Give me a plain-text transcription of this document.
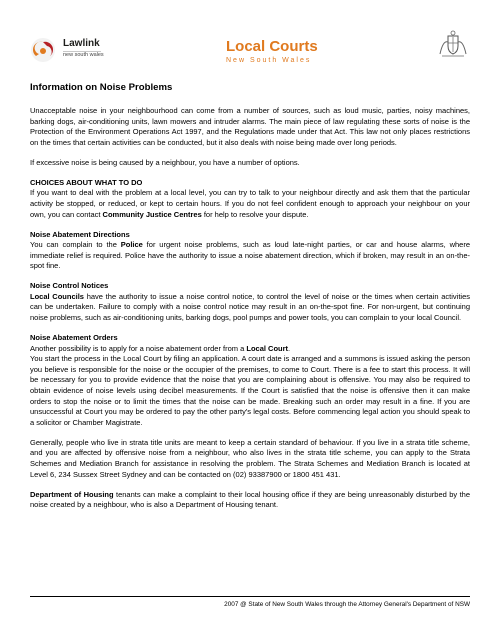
Lawlink
new south wales	Local Courts
New South Wales
Information on Noise Problems

Unacceptable noise in your neighbourhood can come from a number of sources, such as loud music, parties, noisy machines, barking dogs, air-conditioning units, lawn mowers and intruder alarms. The main piece of law regulating these sorts of noise is the Protection of the Environment Operations Act 1997, and the Regulations made under that Act. This law not only places restrictions on the times that certain activities can be conducted, but it also deals with noise being made over long periods.

If excessive noise is being caused by a neighbour, you have a number of options.

CHOICES ABOUT WHAT TO DO
If you want to deal with the problem at a local level, you can try to talk to your neighbour directly and ask them that the particular activity be stopped, or reduced, or kept to certain hours. If you do not feel confident enough to approach your neighbour on your own, you can contact Community Justice Centres for help to resolve your dispute.

Noise Abatement Directions
You can complain to the Police for urgent noise problems, such as loud late-night parties, or car and house alarms, where immediate relief is required. Police have the authority to issue a noise abatement direction, which if broken, may result in an on-the-spot fine.

Noise Control Notices
Local Councils have the authority to issue a noise control notice, to control the level of noise or the times when certain activities can be undertaken. Failure to comply with a noise control notice may result in an on-the-spot fine. For non-urgent, but continuing noise problems, such as air-conditioning units, barking dogs, pool pumps and power tools, you can complain to your local Council.

Noise Abatement Orders
Another possibility is to apply for a noise abatement order from a Local Court.
You start the process in the Local Court by filing an application. A court date is arranged and a summons is issued asking the person you believe is responsible for the noise or the occupier of the premises, to come to Court. There is a fee to start this process. It will be necessary for you to provide evidence that the noise that you are complaining about is offensive. You may also be required to obtain evidence of noise levels using decibel measurements. If the Court is satisfied that the noise is offensive then it can make orders to stop the noise or to limit the times that the noise can be made. Breaking such an order may result in a fine. If you are unsuccessful at Court you may be ordered to pay the other party's legal costs. Before commencing legal action you should speak to a solicitor or Chamber Magistrate.

Generally, people who live in strata title units are meant to keep a certain standard of behaviour. If you live in a strata title scheme, and you are affected by offensive noise from a neighbour, who also lives in the strata title scheme, you can apply to the Strata Schemes and Mediation Branch for assistance in resolving the problem. The Strata Schemes and Mediation Branch is located at Level 6, 234 Sussex Street Sydney and can be contacted on (02) 93387900 or 1800 451 431.

Department of Housing tenants can make a complaint to their local housing office if they are being unreasonably disturbed by the noise created by a neighbour, who is also a Department of Housing tenant.

2007 @ State of New South Wales through the Attorney General's Department of NSW
